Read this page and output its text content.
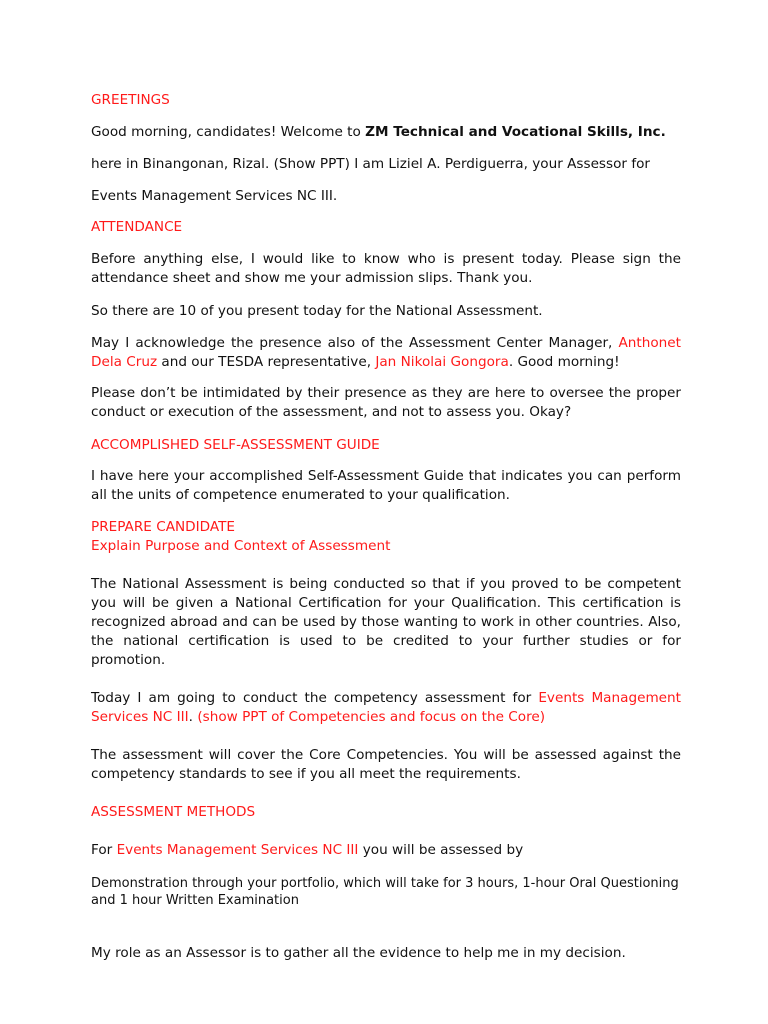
GREETINGS
Good morning, candidates! Welcome to ZM Technical and Vocational Skills, Inc.
here in Binangonan, Rizal. (Show PPT) I am Liziel A. Perdiguerra, your Assessor for
Events Management Services NC III.
ATTENDANCE
Before anything else, I would like to know who is present today. Please sign the attendance sheet and show me your admission slips. Thank you.
So there are 10 of you present today for the National Assessment.
May I acknowledge the presence also of the Assessment Center Manager, Anthonet Dela Cruz and our TESDA representative, Jan Nikolai Gongora. Good morning!
Please don’t be intimidated by their presence as they are here to oversee the proper conduct or execution of the assessment, and not to assess you. Okay?
ACCOMPLISHED SELF-ASSESSMENT GUIDE
I have here your accomplished Self-Assessment Guide that indicates you can perform all the units of competence enumerated to your qualification.
PREPARE CANDIDATE
Explain Purpose and Context of Assessment
The National Assessment is being conducted so that if you proved to be competent you will be given a National Certification for your Qualification. This certification is recognized abroad and can be used by those wanting to work in other countries. Also, the national certification is used to be credited to your further studies or for promotion.
Today I am going to conduct the competency assessment for Events Management Services NC III. (show PPT of Competencies and focus on the Core)
The assessment will cover the Core Competencies. You will be assessed against the competency standards to see if you all meet the requirements.
ASSESSMENT METHODS
For Events Management Services NC III you will be assessed by
Demonstration through your portfolio, which will take for 3 hours, 1-hour Oral Questioning and 1 hour Written Examination
My role as an Assessor is to gather all the evidence to help me in my decision.
